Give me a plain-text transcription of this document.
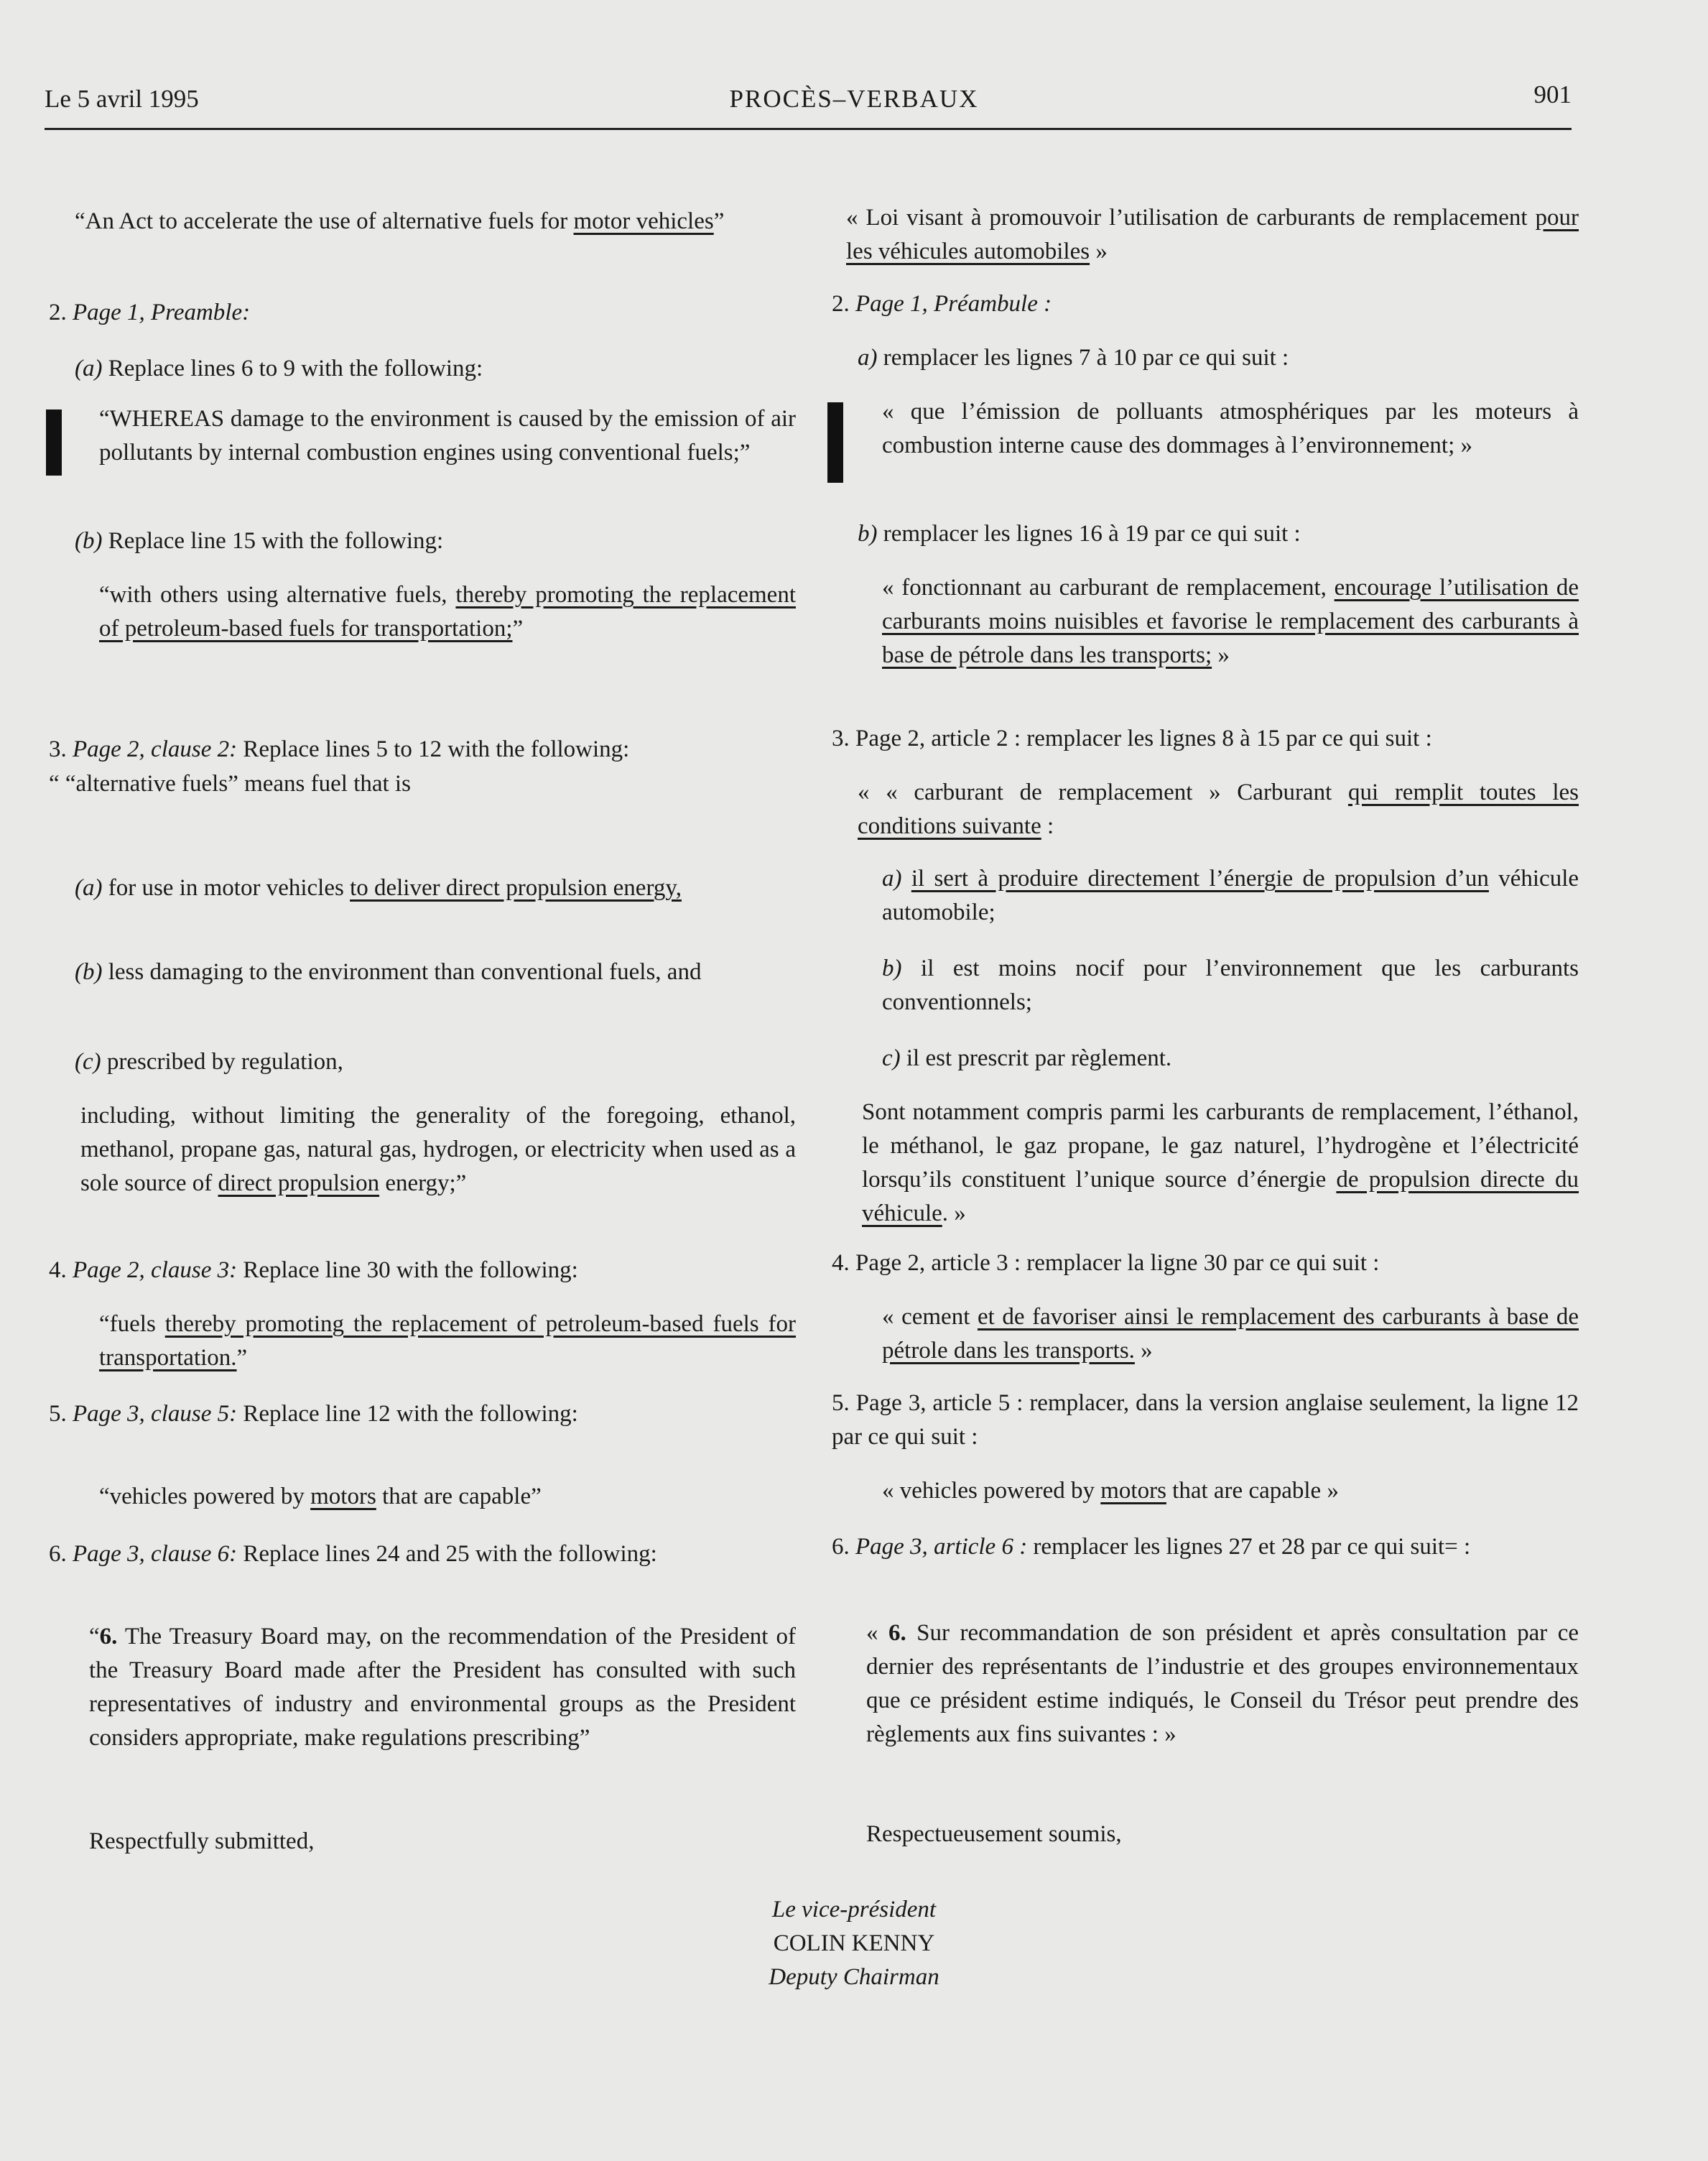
Le 5 avril 1995	PROCÈS–VERBAUX	901

“An Act to accelerate the use of alternative fuels for motor vehicles”

2. Page 1, Preamble:

(a) Replace lines 6 to 9 with the following:

“WHEREAS damage to the environment is caused by the emission of air pollutants by internal combustion engines using conventional fuels;”

(b) Replace line 15 with the following:

“with others using alternative fuels, thereby promoting the replacement of petroleum-based fuels for transportation;”

3. Page 2, clause 2: Replace lines 5 to 12 with the following:

“ “alternative fuels” means fuel that is

(a) for use in motor vehicles to deliver direct propulsion energy,

(b) less damaging to the environment than conventional fuels, and

(c) prescribed by regulation,

including, without limiting the generality of the foregoing, ethanol, methanol, propane gas, natural gas, hydrogen, or electricity when used as a sole source of direct propulsion energy;”

4. Page 2, clause 3: Replace line 30 with the following:

“fuels thereby promoting the replacement of petroleum-based fuels for transportation.”

5. Page 3, clause 5: Replace line 12 with the following:

“vehicles powered by motors that are capable”

6. Page 3, clause 6: Replace lines 24 and 25 with the following:

“6. The Treasury Board may, on the recommendation of the President of the Treasury Board made after the President has consulted with such representatives of industry and environmental groups as the President considers appropriate, make regulations prescribing”

Respectfully submitted,

« Loi visant à promouvoir l’utilisation de carburants de remplacement pour les véhicules automobiles »

2. Page 1, Préambule :

a) remplacer les lignes 7 à 10 par ce qui suit :

« que l’émission de polluants atmosphériques par les moteurs à combustion interne cause des dommages à l’environnement; »

b) remplacer les lignes 16 à 19 par ce qui suit :

« fonctionnant au carburant de remplacement, encourage l’utilisation de carburants moins nuisibles et favorise le remplacement des carburants à base de pétrole dans les transports; »

3. Page 2, article 2 : remplacer les lignes 8 à 15 par ce qui suit :

« « carburant de remplacement » Carburant qui remplit toutes les conditions suivante :

a) il sert à produire directement l’énergie de propulsion d’un véhicule automobile;

b) il est moins nocif pour l’environnement que les carburants conventionnels;

c) il est prescrit par règlement.

Sont notamment compris parmi les carburants de remplacement, l’éthanol, le méthanol, le gaz propane, le gaz naturel, l’hydrogène et l’électricité lorsqu’ils constituent l’unique source d’énergie de propulsion directe du véhicule. »

4. Page 2, article 3 : remplacer la ligne 30 par ce qui suit :

« cement et de favoriser ainsi le remplacement des carburants à base de pétrole dans les transports. »

5. Page 3, article 5 : remplacer, dans la version anglaise seulement, la ligne 12 par ce qui suit :

« vehicles powered by motors that are capable »

6. Page 3, article 6 : remplacer les lignes 27 et 28 par ce qui suit= :

« 6. Sur recommandation de son président et après consultation par ce dernier des représentants de l’industrie et des groupes environnementaux que ce président estime indiqués, le Conseil du Trésor peut prendre des règlements aux fins suivantes : »

Respectueusement soumis,

Le vice-président
COLIN KENNY
Deputy Chairman
